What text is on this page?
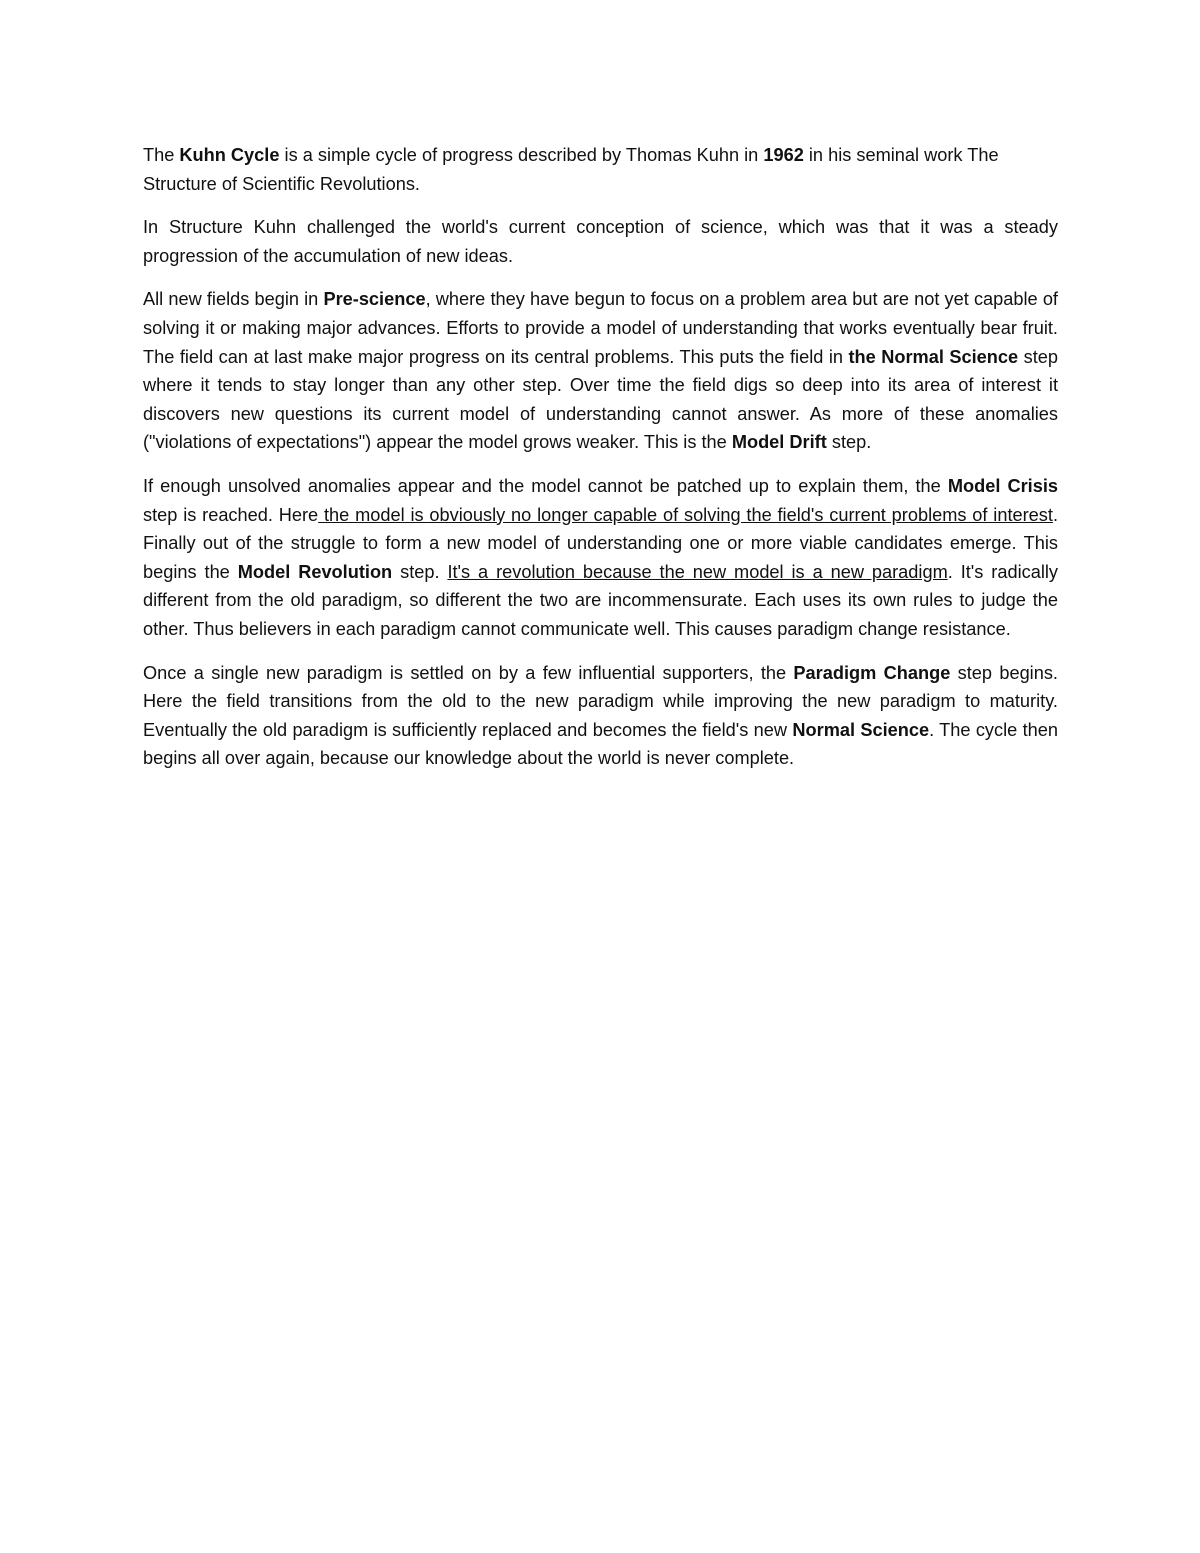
The Kuhn Cycle is a simple cycle of progress described by Thomas Kuhn in 1962 in his seminal work The Structure of Scientific Revolutions.

In Structure Kuhn challenged the world's current conception of science, which was that it was a steady progression of the accumulation of new ideas.

All new fields begin in Pre-science, where they have begun to focus on a problem area but are not yet capable of solving it or making major advances. Efforts to provide a model of understanding that works eventually bear fruit. The field can at last make major progress on its central problems. This puts the field in the Normal Science step where it tends to stay longer than any other step. Over time the field digs so deep into its area of interest it discovers new questions its current model of understanding cannot answer. As more of these anomalies ("violations of expectations") appear the model grows weaker. This is the Model Drift step.

If enough unsolved anomalies appear and the model cannot be patched up to explain them, the Model Crisis step is reached. Here the model is obviously no longer capable of solving the field's current problems of interest. Finally out of the struggle to form a new model of understanding one or more viable candidates emerge. This begins the Model Revolution step. It's a revolution because the new model is a new paradigm. It's radically different from the old paradigm, so different the two are incommensurate. Each uses its own rules to judge the other. Thus believers in each paradigm cannot communicate well. This causes paradigm change resistance.

Once a single new paradigm is settled on by a few influential supporters, the Paradigm Change step begins. Here the field transitions from the old to the new paradigm while improving the new paradigm to maturity. Eventually the old paradigm is sufficiently replaced and becomes the field's new Normal Science. The cycle then begins all over again, because our knowledge about the world is never complete.
